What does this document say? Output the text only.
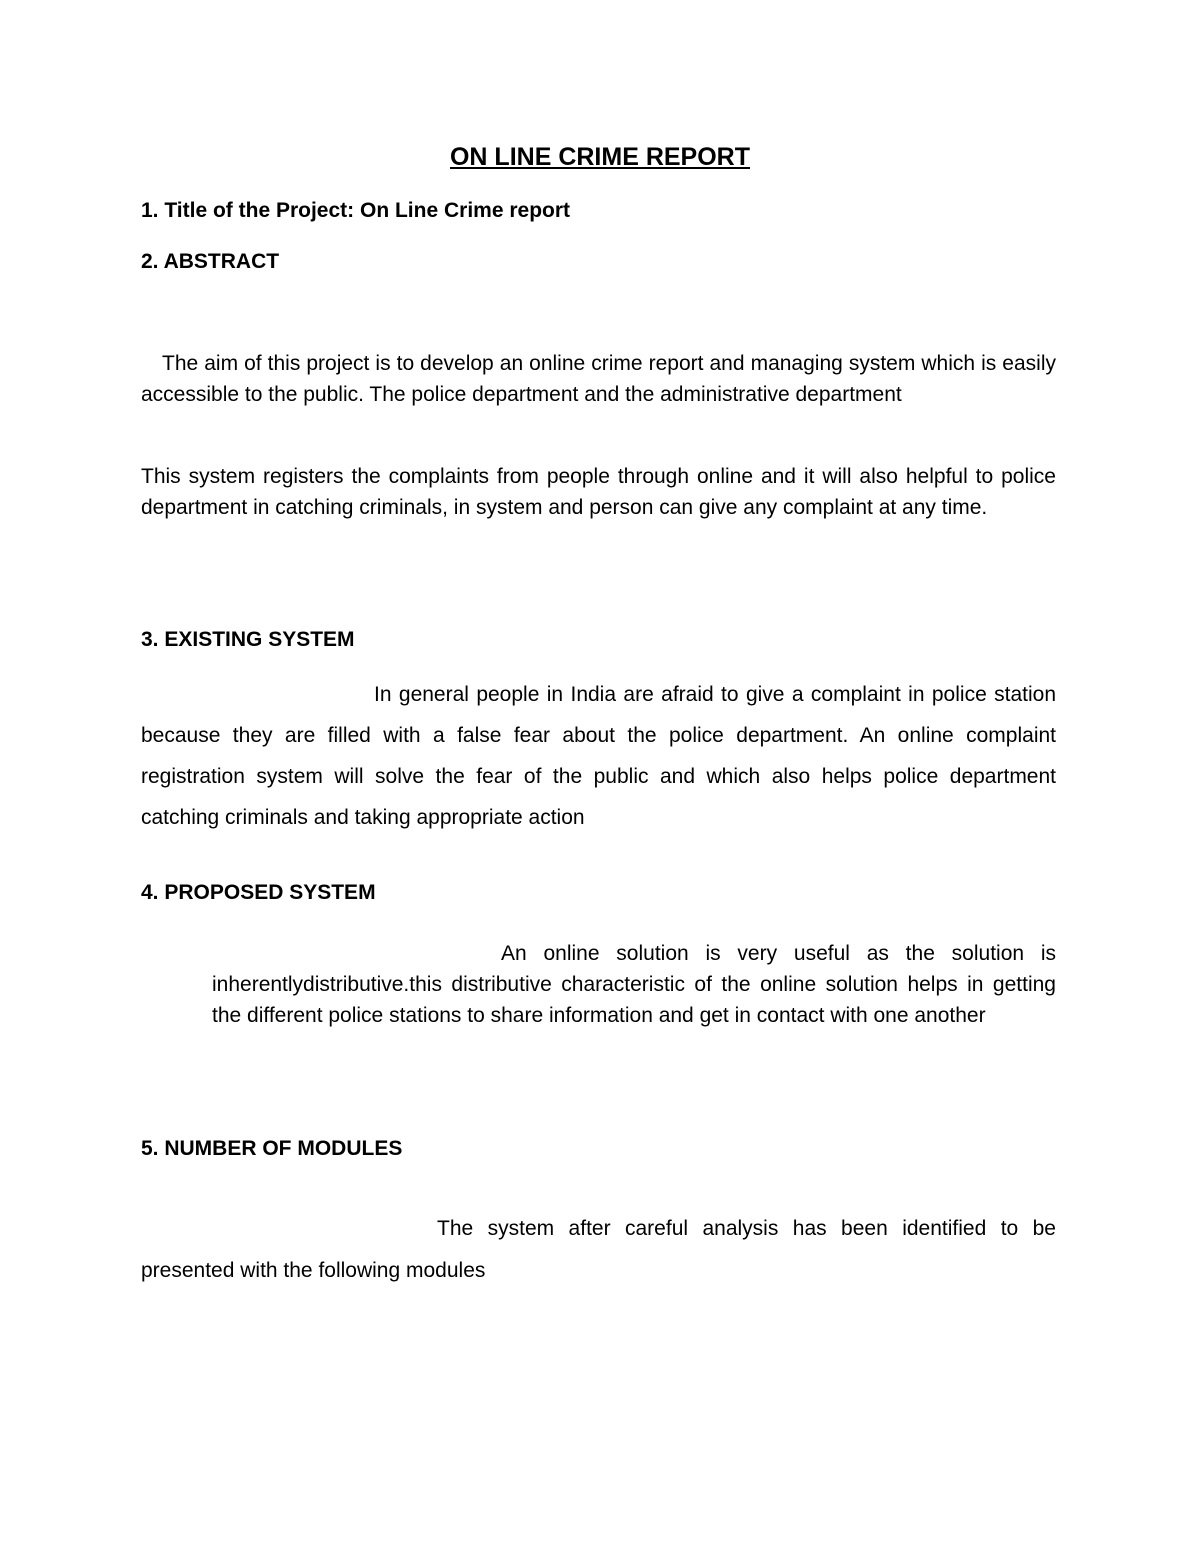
ON LINE CRIME REPORT
1. Title of the Project: On Line Crime report
2. ABSTRACT
The aim of this project is to develop an online crime report and managing system which is easily accessible to the public. The police department and the administrative department
This system registers the complaints from people through online and it will also helpful to police department in catching criminals, in system and person can give any complaint at any time.
3. EXISTING SYSTEM
In general people in India are afraid to give a complaint in police station because they are filled with a false fear about the police department. An online complaint registration system will solve the fear of the public and which also helps police department catching criminals and taking appropriate action
4. PROPOSED SYSTEM
An online solution is very useful as the solution is inherentlydistributive.this distributive characteristic of the online solution helps in getting the different police stations to share information and get in contact with one another
5. NUMBER OF MODULES
The system after careful analysis has been identified to be presented with the following modules
